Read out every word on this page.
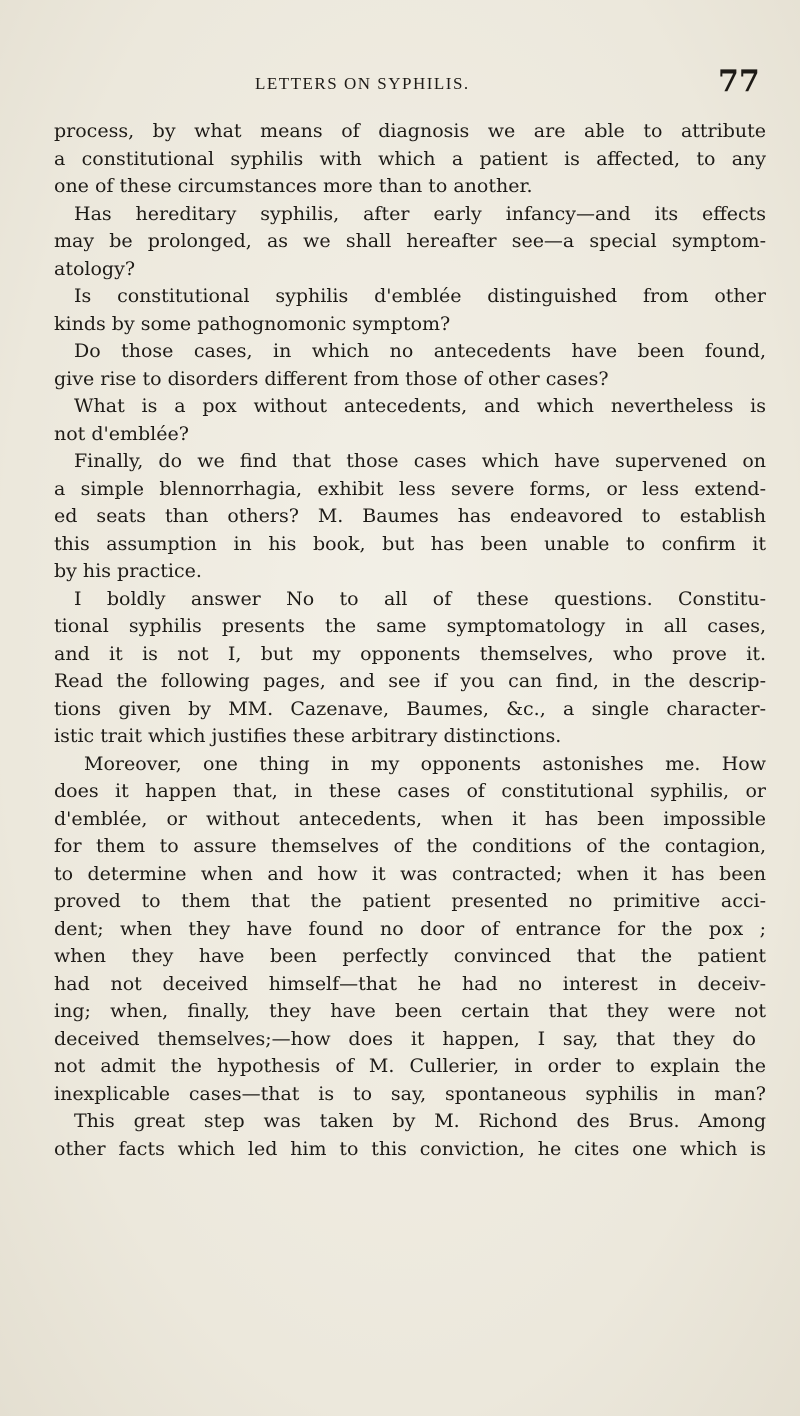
LETTERS ON SYPHILIS.	77
process, by what means of diagnosis we are able to attribute
a constitutional syphilis with which a patient is affected, to any
one of these circumstances more than to another.
Has hereditary syphilis, after early infancy—and its effects
may be prolonged, as we shall hereafter see—a special symptom-
atology?
Is constitutional syphilis d'emblée distinguished from other
kinds by some pathognomonic symptom?
Do those cases, in which no antecedents have been found,
give rise to disorders different from those of other cases?
What is a pox without antecedents, and which nevertheless is
not d'emblée?
Finally, do we find that those cases which have supervened on
a simple blennorrhagia, exhibit less severe forms, or less extend-
ed seats than others? M. Baumes has endeavored to establish
this assumption in his book, but has been unable to confirm it
by his practice.
I boldly answer No to all of these questions. Constitu-
tional syphilis presents the same symptomatology in all cases,
and it is not I, but my opponents themselves, who prove it.
Read the following pages, and see if you can find, in the descrip-
tions given by MM. Cazenave, Baumes, &c., a single character-
istic trait which justifies these arbitrary distinctions.
Moreover, one thing in my opponents astonishes me. How
does it happen that, in these cases of constitutional syphilis, or
d'emblée, or without antecedents, when it has been impossible
for them to assure themselves of the conditions of the contagion,
to determine when and how it was contracted; when it has been
proved to them that the patient presented no primitive acci-
dent; when they have found no door of entrance for the pox ;
when they have been perfectly convinced that the patient
had not deceived himself—that he had no interest in deceiv-
ing; when, finally, they have been certain that they were not
deceived themselves;—how does it happen, I say, that they do
not admit the hypothesis of M. Cullerier, in order to explain the
inexplicable cases—that is to say, spontaneous syphilis in man?
This great step was taken by M. Richond des Brus. Among
other facts which led him to this conviction, he cites one which is
